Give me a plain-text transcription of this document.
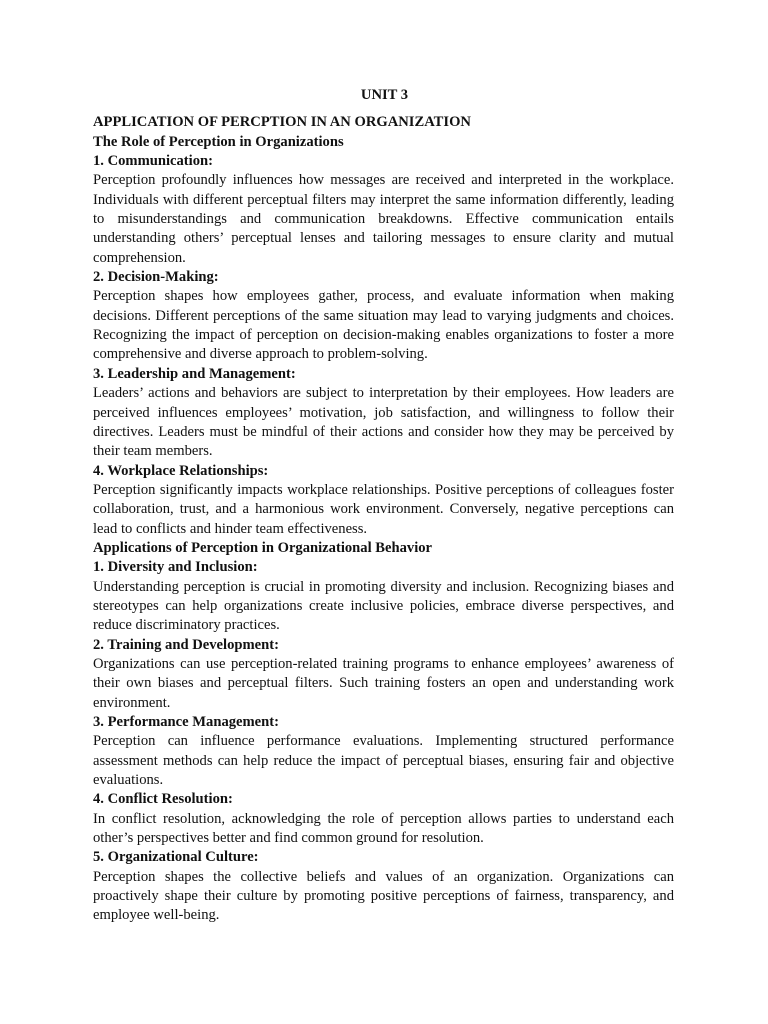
UNIT 3

APPLICATION OF PERCPTION IN AN ORGANIZATION

The Role of Perception in Organizations

1. Communication:

Perception profoundly influences how messages are received and interpreted in the workplace. Individuals with different perceptual filters may interpret the same information differently, leading to misunderstandings and communication breakdowns. Effective communication entails understanding others’ perceptual lenses and tailoring messages to ensure clarity and mutual comprehension.

2. Decision-Making:

Perception shapes how employees gather, process, and evaluate information when making decisions. Different perceptions of the same situation may lead to varying judgments and choices. Recognizing the impact of perception on decision-making enables organizations to foster a more comprehensive and diverse approach to problem-solving.

3. Leadership and Management:

Leaders’ actions and behaviors are subject to interpretation by their employees. How leaders are perceived influences employees’ motivation, job satisfaction, and willingness to follow their directives. Leaders must be mindful of their actions and consider how they may be perceived by their team members.

4. Workplace Relationships:

Perception significantly impacts workplace relationships. Positive perceptions of colleagues foster collaboration, trust, and a harmonious work environment. Conversely, negative perceptions can lead to conflicts and hinder team effectiveness.

Applications of Perception in Organizational Behavior

1. Diversity and Inclusion:

Understanding perception is crucial in promoting diversity and inclusion. Recognizing biases and stereotypes can help organizations create inclusive policies, embrace diverse perspectives, and reduce discriminatory practices.

2. Training and Development:

Organizations can use perception-related training programs to enhance employees’ awareness of their own biases and perceptual filters. Such training fosters an open and understanding work environment.

3. Performance Management:

Perception can influence performance evaluations. Implementing structured performance assessment methods can help reduce the impact of perceptual biases, ensuring fair and objective evaluations.

4. Conflict Resolution:

In conflict resolution, acknowledging the role of perception allows parties to understand each other’s perspectives better and find common ground for resolution.

5. Organizational Culture:

Perception shapes the collective beliefs and values of an organization. Organizations can proactively shape their culture by promoting positive perceptions of fairness, transparency, and employee well-being.
